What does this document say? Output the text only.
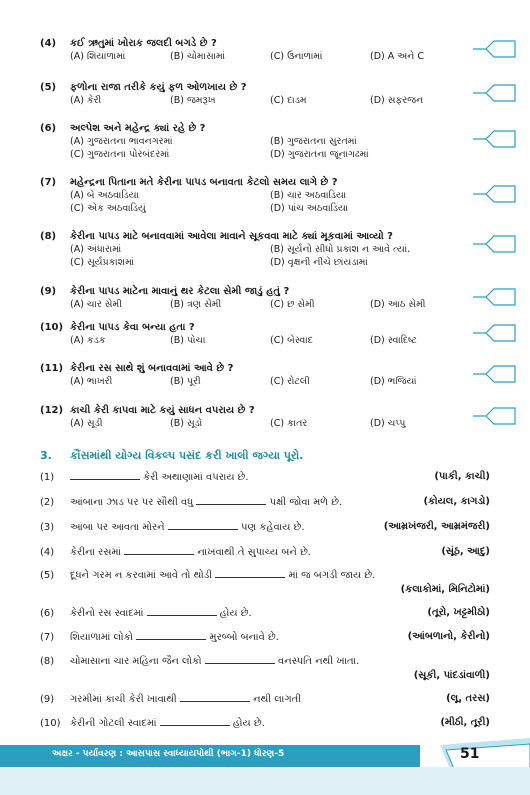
(4) કઈ ઋતુમાં ખોરાક જલદી બગડે છે ?
(A) શિયાળામાં	(B) ચોમાસામાં	(C) ઉનાળામાં	(D) A અને C
(5) ફળોના રાજા તરીકે કયું ફળ ઓળખાય છે ?
(A) કેરી	(B) જમરૂખ	(C) દાડમ	(D) સફરજન
(6) અલ્પેશ અને મહેન્દ્ર ક્યાં રહે છે ?
(A) ગુજરાતના ભાવનગરમાં	(B) ગુજરાતના સુરતમાં
(C) ગુજરાતના પોરબંદરમાં	(D) ગુજરાતના જૂનાગઢમાં
(7) મહેન્દ્રના પિતાના મતે કેરીના પાપડ બનાવતા કેટલો સમય લાગે છે ?
(A) બે અઠવાડિયા	(B) ચાર અઠવાડિયા
(C) એક અઠવાડિયું	(D) પાંચ અઠવાડિયા
(8) કેરીના પાપડ માટે બનાવવામાં આવેલા માવાને સૂકવવા માટે ક્યાં મૂકવામાં આવ્યો ?
(A) અંધારામાં	(B) સૂર્યનો સીધો પ્રકાશ ન આવે ત્યાં.
(C) સૂર્યપ્રકાશમાં	(D) વૃક્ષની નીચે છાંયડામાં
(9) કેરીના પાપડ માટેના માવાનું થર કેટલા સેમી જાડું હતું ?
(A) ચાર સેમી	(B) ત્રણ સેમી	(C) છ સેમી	(D) આઠ સેમી
(10) કેરીના પાપડ કેવા બન્યા હતા ?
(A) કડક	(B) પોચા	(C) બેસ્વાદ	(D) સ્વાદિષ્ટ
(11) કેરીના રસ સાથે શું બનાવવામાં આવે છે ?
(A) ભાખરી	(B) પૂરી	(C) રોટલી	(D) ભજિયાં
(12) કાચી કેરી કાપવા માટે કયું સાધન વપરાય છે ?
(A) સૂડી	(B) સૂડો	(C) કાતર	(D) ચપ્પુ
3. કૌંસમાંથી યોગ્ય વિકલ્પ પસંદ કરી ખાલી જગ્યા પૂરો.
(1)	કેરી અથાણામાં વપરાય છે.	(પાકી, કાચી)
(2) આંબાના ઝાડ પર પર સૌથી વધુ	પક્ષી જોવા મળે છે.	(કોયલ, કાગડો)
(3) આંબા પર આવતા મોરને	પણ કહેવાય છે.	(આમ્રખંજરી, આમ્રમંજરી)
(4) કેરીના રસમાં	નાખવાથી તે સુપાચ્ય બને છે.	(સૂંઠ, આદુ)
(5) દૂધને ગરમ ન કરવામાં આવે તો થોડી	માં જ બગડી જાય છે.
(કલાકોમાં, મિનિટોમાં)
(6) કેરીનો રસ સ્વાદમાં	હોય છે.	(તૂરો, ખટ્ટમીઠો)
(7) શિયાળામાં લોકો	મુરબ્બો બનાવે છે.	(આંબળાનો, કેરીનો)
(8) ચોમાસાના ચાર મહિના જૈન લોકો	વનસ્પતિ નથી ખાતા.
(સૂકી, પાંદડાંવાળી)
(9) ગરમીમાં કાચી કેરી ખાવાથી	નથી લાગતી	(લૂ, તરસ)
(10) કેરીની ગોટલી સ્વાદમાં	હોય છે.	(મીઠી, તૂરી)
અક્ષર - પર્યાવરણ : આસપાસ સ્વાધ્યાયપોથી (ભાગ-1) ધોરણ-5	51
